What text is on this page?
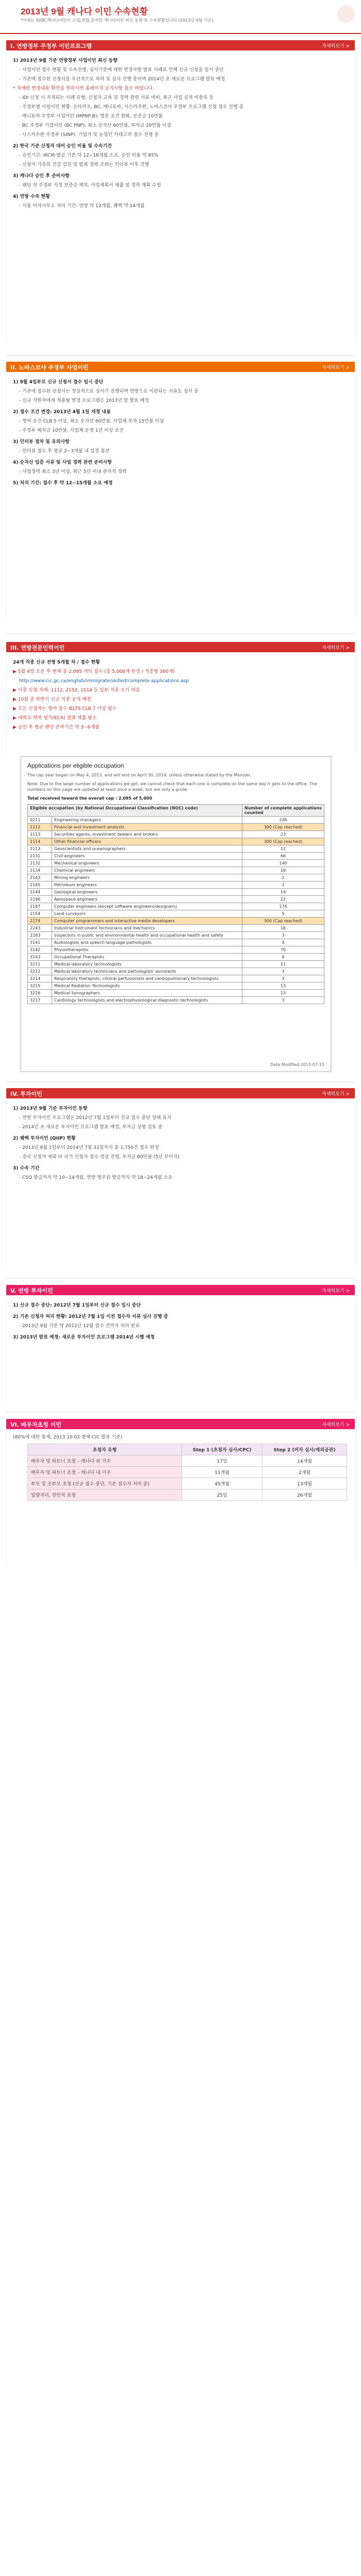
2013년 9월 캐나다 이민 수속현황
*아래는 SVRC캐나다이민이 수집,취합,분석한 캐나다이민 최신 동향 및 수속현황입니다 (2013년 9월 기준).
I. 연방정부 주정부 이민프로그램	자세히보기 >

1) 2013년 9월 기준 연방정부 사업이민 최신 동향

- 사업이민 접수 현황 및 수속진행, 심사기준에 대한 변경사항 발표 사례로 인해 신규 신청을 일시 중단

- 기존에 접수된 신청서를 우선적으로 처리 및 심사 진행 중이며 2014년 초 새로운 프로그램 발표 예정

* 자세한 변경내용 확인을 원하시면 홈페이지 공지사항 참조 바랍니다.

- IDI 신청 시 지적되는 사례 유형: 신청자 교육 및 경력 관련 서류 미비, 최근 사업 실적 미충족 등

- 주정부별 사업이민 현황: 온타리오, BC, 매니토바, 사스카추완, 노바스코샤 주정부 프로그램 신청 접수 진행 중

· 매니토바 주정부 사업이민 (MPNP-B): 방문 요건 완화, 보증금 10만불

· BC 주정부 기업이민 (BC PNP): 최소 순자산 60만불, 투자금 20만불 이상

· 사스카추완 주정부 (SINP): 기업가 및 농업인 카테고리 접수 진행 중

2) 한국 기준 신청자 대비 승인 비율 및 수속기간

- 승인기간: IRCM 발급 기준 약 12~18개월 소요, 승인 비율 약 85%

- 신청자 가족의 건강 검진 및 범죄 경력 조회는 인터뷰 이후 진행

3) 캐나다 승인 후 준비사항

- 랜딩 전 주정부 지정 보증금 예치, 사업계획서 제출 및 정착 계획 수립

4) 연방 수속 현황

- 서울 비자사무소 처리 기간: 연방 약 12개월, 퀘벡 약 14개월

II. 노바스코샤 주정부 사업이민	자세히보기 >

1) 9월 4일부로 신규 신청서 접수 일시 중단

- 기존에 접수된 신청서는 정상적으로 심사가 진행되며 연방으로 이관되는 서류도 심사 중

- 신규 지원자에게 적용될 변경 프로그램은 2013년 말 발표 예정

2) 접수 조건 변경: 2013년 4월 1일 개정 내용

- 영어 요건 CLB 5 이상, 최소 순자산 60만불, 사업체 투자 15만불 이상

- 주정부 예치금 10만불, 사업체 운영 1년 이상 조건

3) 인터뷰 절차 및 유의사항

- 인터뷰 접수 후 평균 2~3개월 내 일정 통보

4) 순자산 입증 서류 및 사업 경력 관련 준비사항

- 사업경력 최소 3년 이상, 최근 5년 이내 관리직 경력

5) 처리 기간: 접수 후 약 12~15개월 소요 예정

III. 연방전문인력이민	자세히보기 >

24개 직종 신규 전형 5개월 차 / 접수 현황

▶ 5월 4일 오픈 후 현재 총 2,095 개의 접수 (총 5,000개 한정 / 직종별 300개)

http://www.cic.gc.ca/english/immigrate/skilled/complete-applications.asp

▶ 이중 신청 적체: 1112, 2152, 1114 등 일부 직종 조기 마감

▶ 10월 중 하반기 신규 직종 공지 예정

▶ 모든 신청자는 영어 점수 IELTS CLB 7 이상 필수

▶ 대학교 학력 평가(ECA) 결과 제출 필수

▶ 승인 후 평균 랜딩 준비기간 약 3~6개월

Applications per eligible occupation

The cap year began on May 4, 2013, and will end on April 30, 2014, unless otherwise stated by the Minister.

Note: Due to the large number of applications we get, we cannot check that each one is complete on the same day it gets to the office. The numbers on this page are updated at least once a week, but are only a guide.

Total received toward the overall cap : 2,095 of 5,000

Eligible occupation (by National Occupational Classification (NOC) code)		Number of complete applications counted
0211	Engineering managers	236
1112	Financial and investment analysts	300 (Cap reached)
1113	Securities agents, investment dealers and brokers	23
1114	Other financial officers	300 (Cap reached)
2113	Geoscientists and oceanographers	11
2131	Civil engineers	66
2132	Mechanical engineers	140
2134	Chemical engineers	18
2143	Mining engineers	2
2145	Petroleum engineers	1
2144	Geological engineers	14
2146	Aerospace engineers	22
2147	Computer engineers (except software engineers/designers)	174
2154	Land surveyors	5
2174	Computer programmers and interactive media developers	300 (Cap reached)
2243	Industrial instrument technicians and mechanics	16
2263	Inspectors in public and environmental health and occupational health and safety	3
3141	Audiologists and speech-language pathologists	4
3142	Physiotherapists	70
3143	Occupational Therapists	6
3211	Medical laboratory technologists	11
3212	Medical laboratory technicians and pathologists' assistants	3
3214	Respiratory therapists, clinical perfusionists and cardiopulmonary technologists	3
3215	Medical Radiation Technologists	13
3216	Medical Sonographers	13
3217	Cardiology technologists and electrophysiological diagnostic technologists	3
Date Modified:2013-07-15
IV. 투자이민	자세히보기 >

1) 2013년 9월 기준 투자이민 동향

- 연방 투자이민 프로그램은 2012년 7월 1일부터 신규 접수 중단 상태 유지

- 2014년 초 새로운 투자이민 프로그램 발표 예정, 투자금 상향 검토 중

2) 퀘벡 투자이민 (QIIP) 현황

- 2013년 8월 1일부터 2014년 7월 31일까지 총 1,750건 접수 한정

- 중국 신청자 제외 타 국가 신청자 접수 정상 진행, 투자금 80만불 (5년 무이자)

3) 수속 기간

- CSQ 발급까지 약 10~14개월, 연방 영주권 발급까지 약 18~24개월 소요

V. 연방 투자이민	자세히보기 >

1) 신규 접수 중단: 2012년 7월 1일부터 신규 접수 일시 중단

2) 기존 신청자 처리 현황: 2012년 7월 1일 이전 접수자 서류 심사 진행 중

- 2013년 9월 기준 약 2012년 12월 접수 건까지 처리 완료

3) 2013년 발표 예정: 새로운 투자이민 프로그램 2014년 시행 예정

VI. 배우자초청 이민	자세히보기 >

(80%에 대한 통계, 2013.10.02 현재 CIC 발표 기준)

초청자 유형	Step 1 (초청자 심사/CPC)	Step 2 (비자 심사/재외공관)
배우자 및 파트너 초청 – 캐나다 외 거주	17일	14개월
배우자 및 파트너 초청 – 캐나다 내 거주	11개월	2개월
부모 및 조부모 초청 (신규 접수 중단, 기존 접수자 처리 중)	45개월	13개월
입양자녀, 친인척 초청	25일	26개월
